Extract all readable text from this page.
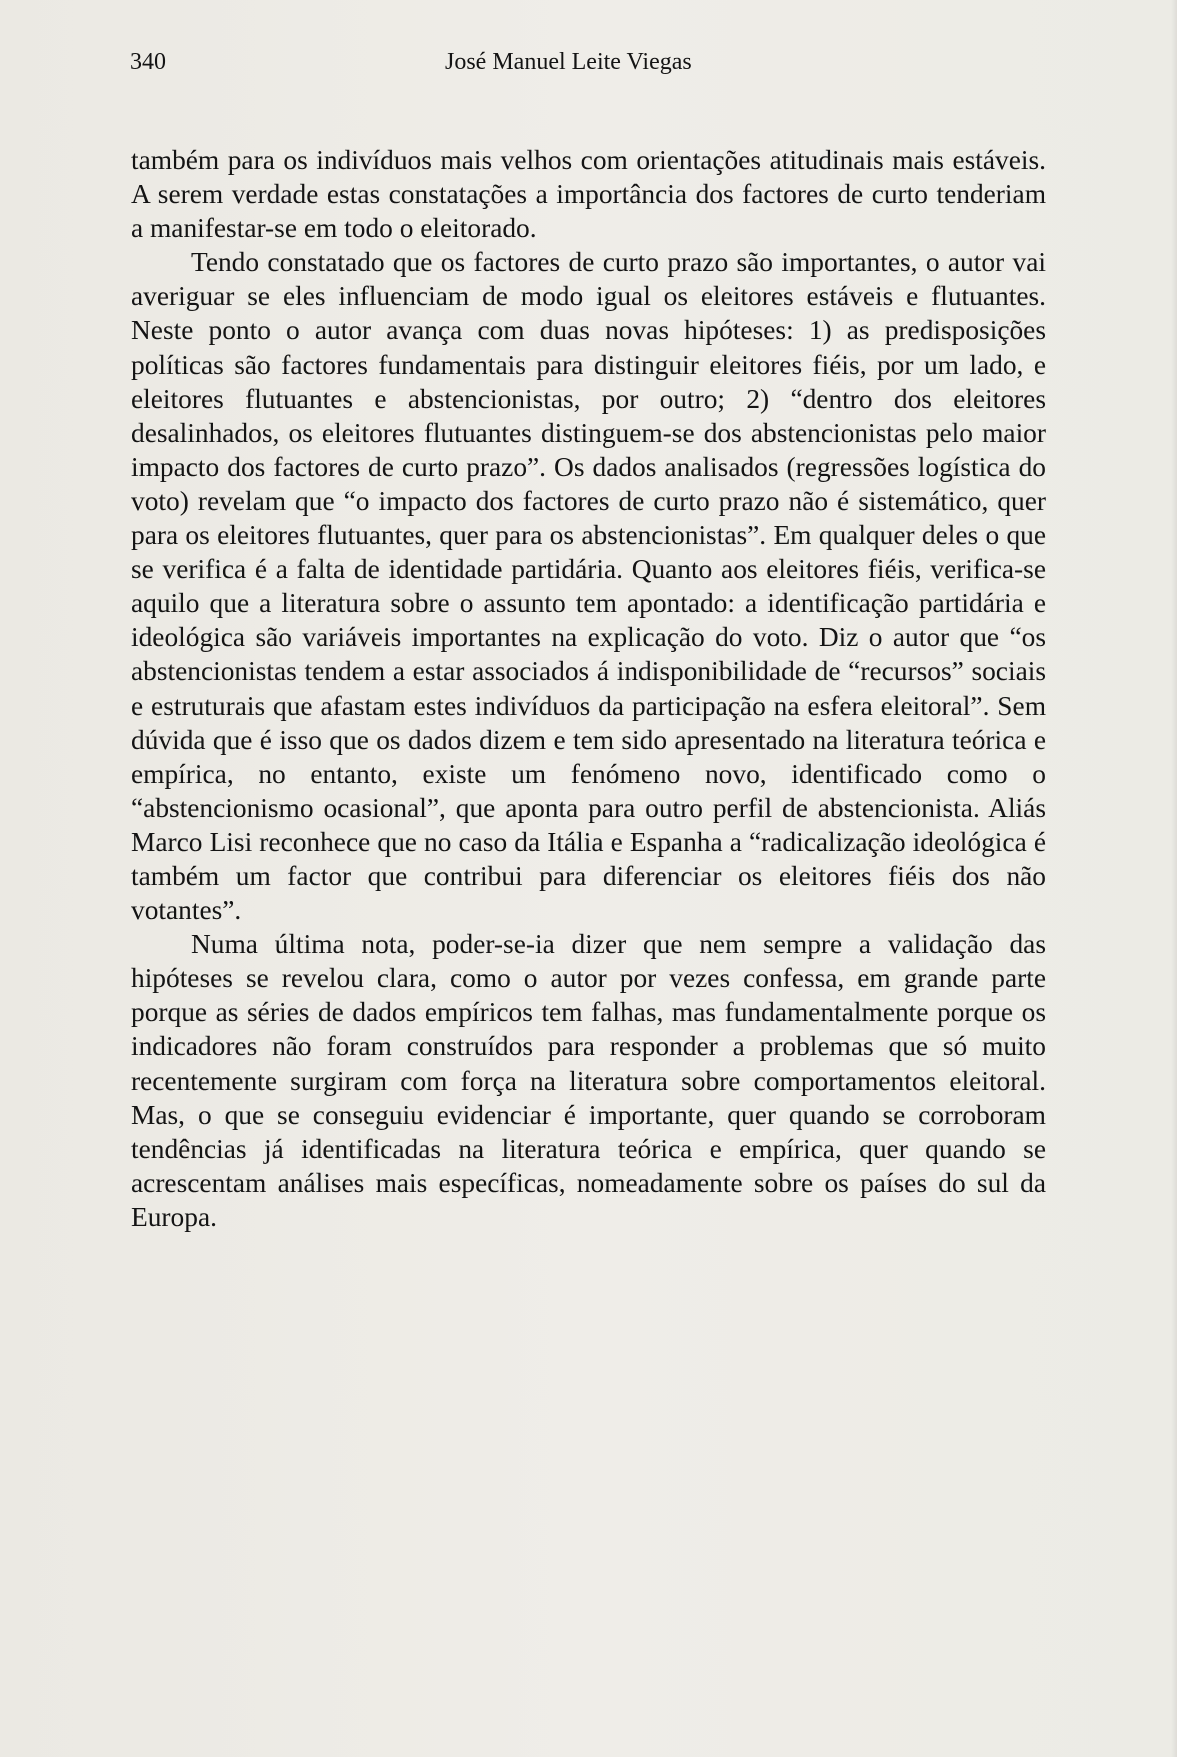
340	José Manuel Leite Viegas

também para os indivíduos mais velhos com orientações atitudinais mais estáveis. A serem verdade estas constatações a importância dos factores de curto tenderiam a manifestar-se em todo o eleitorado.

Tendo constatado que os factores de curto prazo são importantes, o autor vai averiguar se eles influenciam de modo igual os eleitores estáveis e flutuantes. Neste ponto o autor avança com duas novas hipóteses: 1) as predisposições políticas são factores fundamentais para distinguir eleitores fiéis, por um lado, e eleitores flutuantes e abstencionistas, por outro; 2) “dentro dos eleitores desalinhados, os eleitores flutuantes distinguem-se dos abstencionistas pelo maior impacto dos factores de curto prazo”. Os dados analisados (regressões logística do voto) revelam que “o impacto dos factores de curto prazo não é sistemático, quer para os eleitores flutuantes, quer para os abstencionistas”. Em qualquer deles o que se verifica é a falta de identidade partidária. Quanto aos eleitores fiéis, verifica-se aquilo que a literatura sobre o assunto tem apontado: a identificação partidária e ideológica são variáveis importantes na explicação do voto. Diz o autor que “os abstencionistas tendem a estar associados á indisponibilidade de “recursos” sociais e estruturais que afastam estes indivíduos da participação na esfera eleitoral”. Sem dúvida que é isso que os dados dizem e tem sido apresentado na literatura teórica e empírica, no entanto, existe um fenómeno novo, identificado como o “abstencionismo ocasional”, que aponta para outro perfil de abstencionista. Aliás Marco Lisi reconhece que no caso da Itália e Espanha a “radicalização ideológica é também um factor que contribui para diferenciar os eleitores fiéis dos não votantes”.

Numa última nota, poder-se-ia dizer que nem sempre a validação das hipóteses se revelou clara, como o autor por vezes confessa, em grande parte porque as séries de dados empíricos tem falhas, mas fundamentalmente porque os indicadores não foram construídos para responder a problemas que só muito recentemente surgiram com força na literatura sobre comportamentos eleitoral. Mas, o que se conseguiu evidenciar é importante, quer quando se corroboram tendências já identificadas na literatura teórica e empírica, quer quando se acrescentam análises mais específicas, nomeadamente sobre os países do sul da Europa.
